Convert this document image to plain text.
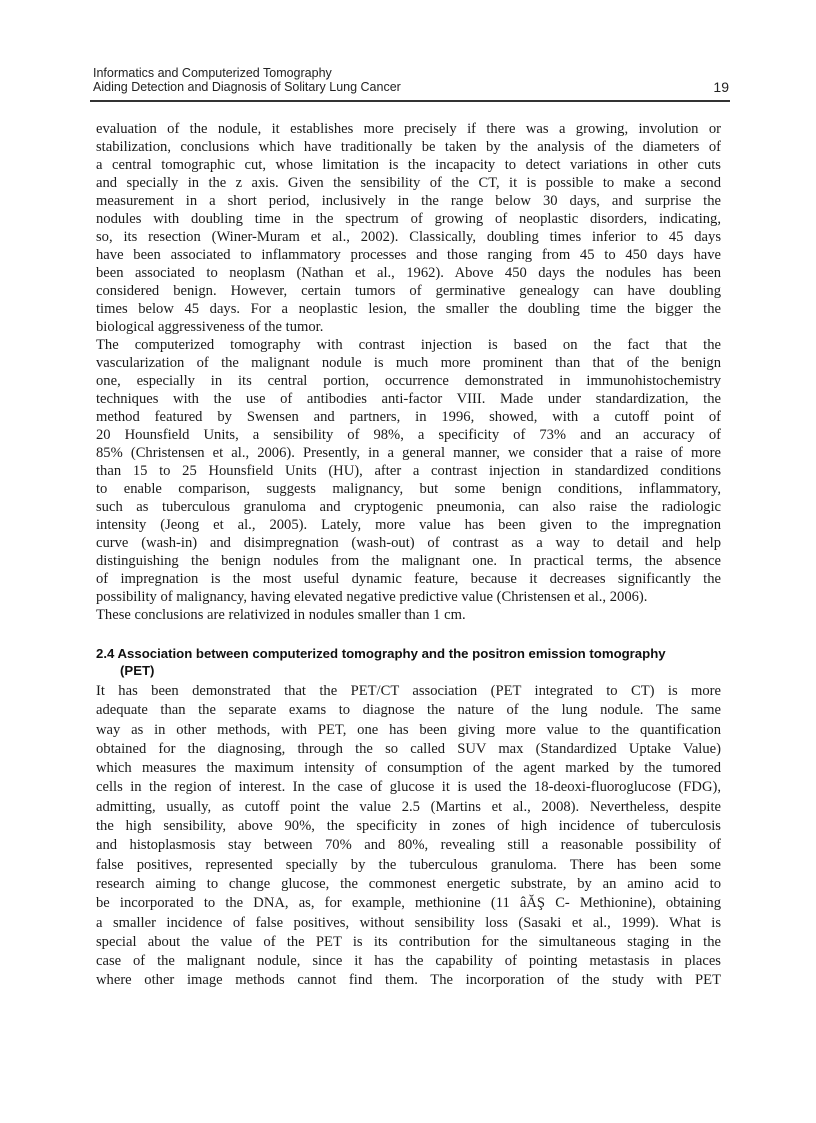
Informatics and Computerized Tomography
Aiding Detection and Diagnosis of Solitary Lung Cancer	19
evaluation of the nodule, it establishes more precisely if there was a growing, involution or
stabilization, conclusions which have traditionally be taken by the analysis of the diameters of
a central tomographic cut, whose limitation is the incapacity to detect variations in other cuts
and specially in the z axis. Given the sensibility of the CT, it is possible to make a second
measurement in a short period, inclusively in the range below 30 days, and surprise the
nodules with doubling time in the spectrum of growing of neoplastic disorders, indicating,
so, its resection (Winer-Muram et al., 2002). Classically, doubling times inferior to 45 days
have been associated to inflammatory processes and those ranging from 45 to 450 days have
been associated to neoplasm (Nathan et al., 1962). Above 450 days the nodules has been
considered benign. However, certain tumors of germinative genealogy can have doubling
times below 45 days. For a neoplastic lesion, the smaller the doubling time the bigger the
biological aggressiveness of the tumor.
The computerized tomography with contrast injection is based on the fact that the
vascularization of the malignant nodule is much more prominent than that of the benign
one, especially in its central portion, occurrence demonstrated in immunohistochemistry
techniques with the use of antibodies anti-factor VIII. Made under standardization, the
method featured by Swensen and partners, in 1996, showed, with a cutoff point of
20 Hounsfield Units, a sensibility of 98%, a specificity of 73% and an accuracy of
85% (Christensen et al., 2006). Presently, in a general manner, we consider that a raise of more
than 15 to 25 Hounsfield Units (HU), after a contrast injection in standardized conditions
to enable comparison, suggests malignancy, but some benign conditions, inflammatory,
such as tuberculous granuloma and cryptogenic pneumonia, can also raise the radiologic
intensity (Jeong et al., 2005). Lately, more value has been given to the impregnation
curve (wash-in) and disimpregnation (wash-out) of contrast as a way to detail and help
distinguishing the benign nodules from the malignant one. In practical terms, the absence
of impregnation is the most useful dynamic feature, because it decreases significantly the
possibility of malignancy, having elevated negative predictive value (Christensen et al., 2006).
These conclusions are relativized in nodules smaller than 1 cm.
2.4 Association between computerized tomography and the positron emission tomography
(PET)
It has been demonstrated that the PET/CT association (PET integrated to CT) is more
adequate than the separate exams to diagnose the nature of the lung nodule. The same
way as in other methods, with PET, one has been giving more value to the quantification
obtained for the diagnosing, through the so called SUV max (Standardized Uptake Value)
which measures the maximum intensity of consumption of the agent marked by the tumored
cells in the region of interest. In the case of glucose it is used the 18-deoxi-fluoroglucose (FDG),
admitting, usually, as cutoff point the value 2.5 (Martins et al., 2008). Nevertheless, despite
the high sensibility, above 90%, the specificity in zones of high incidence of tuberculosis
and histoplasmosis stay between 70% and 80%, revealing still a reasonable possibility of
false positives, represented specially by the tuberculous granuloma. There has been some
research aiming to change glucose, the commonest energetic substrate, by an amino acid to
be incorporated to the DNA, as, for example, methionine (11 âĂŞ C- Methionine), obtaining
a smaller incidence of false positives, without sensibility loss (Sasaki et al., 1999). What is
special about the value of the PET is its contribution for the simultaneous staging in the
case of the malignant nodule, since it has the capability of pointing metastasis in places
where other image methods cannot find them. The incorporation of the study with PET
